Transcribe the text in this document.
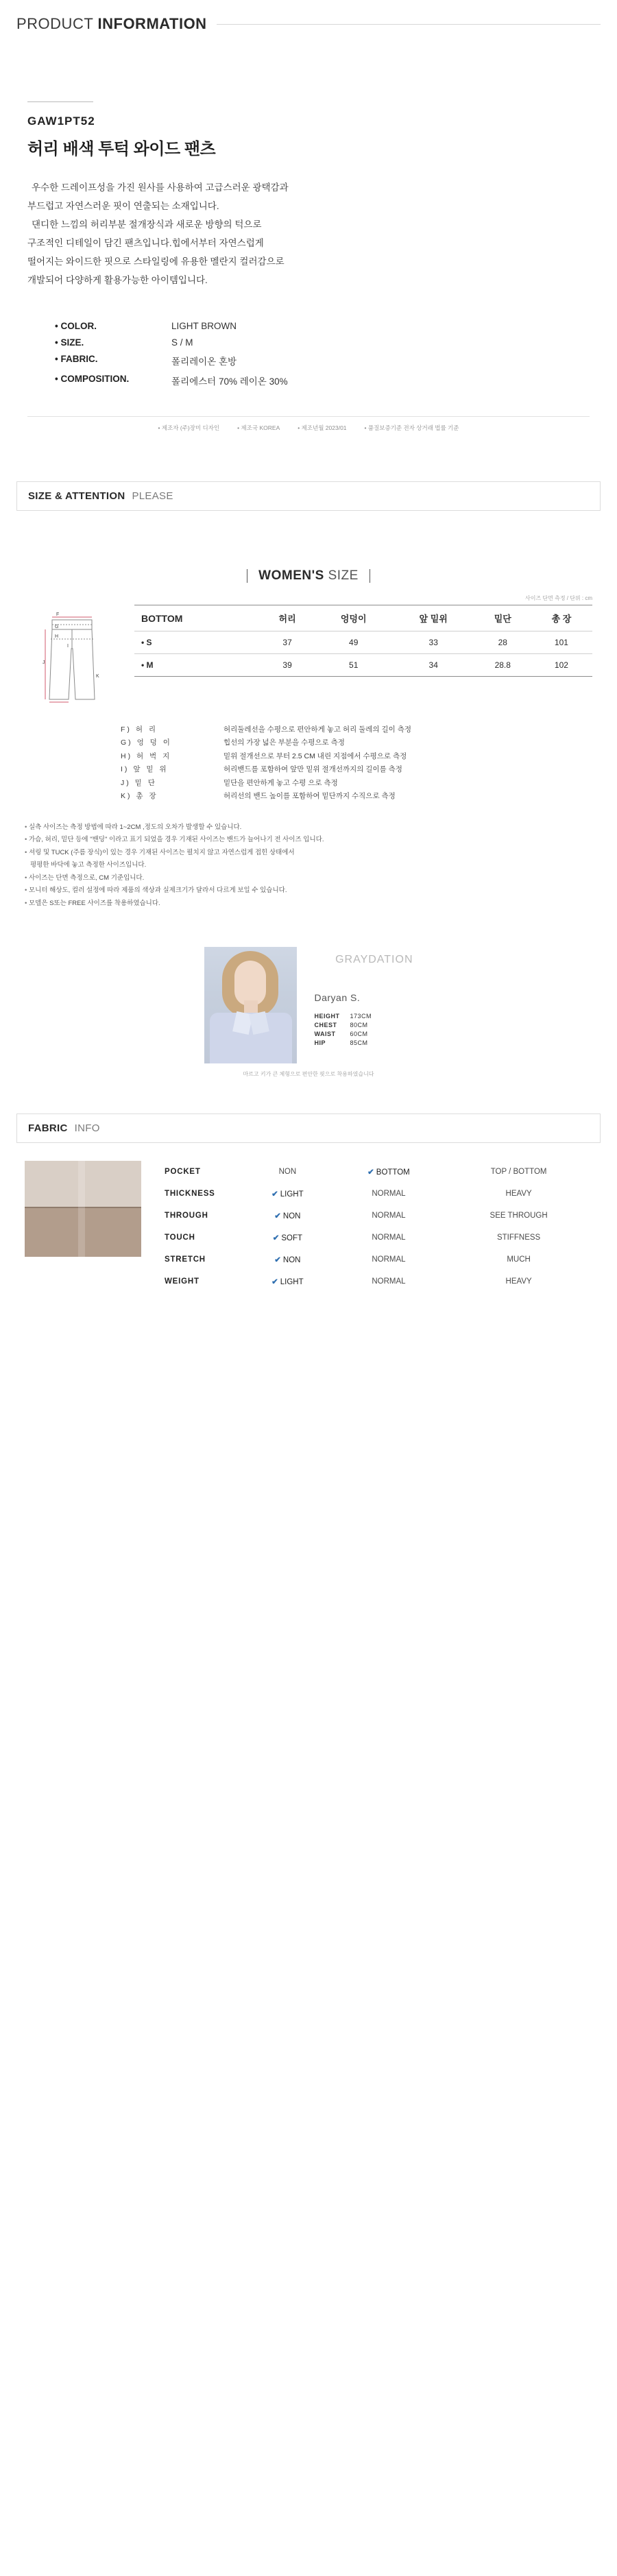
PRODUCT INFORMATION
GAW1PT52
허리 배색 투턱 와이드 팬츠

우수한 드레이프성을 가진 원사를 사용하여 고급스러운 광택감과

부드럽고 자연스러운 핏이 연출되는 소재입니다.

댄디한 느낌의 허리부분 절개장식과 새로운 방향의 턱으로

구조적인 디테일이 담긴 팬츠입니다.힙에서부터 자연스럽게

떨어지는 와이드한 핏으로 스타일링에 유용한 멜란지 컬러감으로

개발되어 다양하게 활용가능한 아이템입니다.

• COLOR.	LIGHT BROWN
• SIZE.	S / M
• FABRIC.	폴리레이온 혼방
• COMPOSITION.	폴리에스터 70% 레이온 30%
• 제조자 (주)장미 디자인	• 제조국 KOREA	• 제조년월 2023/01	• 품질보증기준 전자 상거래 법률 기준
SIZE & ATTENTION PLEASE
WOMEN'S SIZE
사이즈 단면 측정 / 단위 : cm
F
G
H
I
J
K
BOTTOM	허리	엉덩이	앞 밑위	밑단	총 장
• S	37	49	33	28	101
• M	39	51	34	28.8	102
F) 허 리	허리둘레선을 수평으로 편안하게 놓고 허리 둘레의 길이 측정
G) 엉 덩 이	힙선의 가장 넓은 부분을 수평으로 측정
H) 허 벅 지	밑위 절개선으로 부터 2.5 CM 내린 지점에서 수평으로 측정
I) 앞 밑 위	허리밴드를 포함하여 앞만 밑위 절개선까지의 길이를 측정
J) 밑 단	밑단을 편안하게 놓고 수평 으로 측정
K) 총 장	허리선의 밴드 높이를 포함하여 밑단까지 수직으로 측정
• 실측 사이즈는 측정 방법에 따라 1~2CM ,정도의 오차가 발생할 수 있습니다.
• 가슴, 허리, 밑단 등에 "밴딩" 이라고 표기 되었을 경우 기재된 사이즈는 밴드가 늘어나기 전 사이즈 입니다.
• 셔링 및 TUCK (주름 장식)이 있는 경우 기재된 사이즈는 펼치지 않고 자연스럽게 접힌 상태에서
평평한 바닥에 놓고 측정한 사이즈입니다.
• 사이즈는 단면 측정으로, CM 기준입니다.
• 모니터 해상도, 컬러 설정에 따라 제품의 색상과 실제크기가 달라서 다르게 보일 수 있습니다.
• 모델은 S또는 FREE 사이즈를 착용하였습니다.
GRAYDATION
Daryan S.
HEIGHT	173CM
CHEST	80CM
WAIST	60CM
HIP	85CM
마르고 키가 큰 체형으로 편안한 핏으로 착용하였습니다
FABRIC INFO
POCKET	NON	✔ BOTTOM	TOP / BOTTOM
THICKNESS	✔ LIGHT	NORMAL	HEAVY
THROUGH	✔ NON	NORMAL	SEE THROUGH
TOUCH	✔ SOFT	NORMAL	STIFFNESS
STRETCH	✔ NON	NORMAL	MUCH
WEIGHT	✔ LIGHT	NORMAL	HEAVY
